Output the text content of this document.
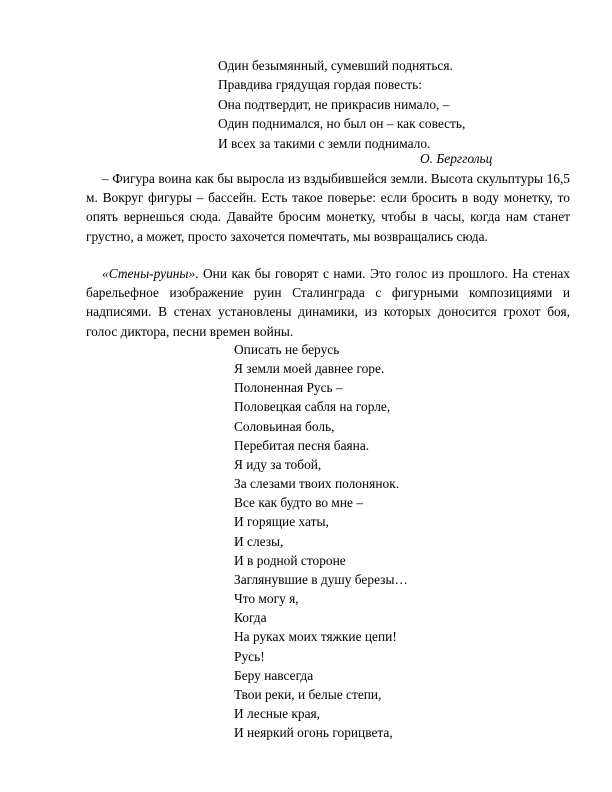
Один безымянный, сумевший подняться.
Правдива грядущая гордая повесть:
Она подтвердит, не прикрасив нимало, –
Один поднимался, но был он – как совесть,
И всех за такими с земли поднимало.
О. Берггольц

– Фигура воина как бы выросла из вздыбившейся земли. Высота скульптуры 16,5 м. Вокруг фигуры – бассейн. Есть такое поверье: если бросить в воду монетку, то опять вернешься сюда. Давайте бросим монетку, чтобы в часы, когда нам станет грустно, а может, просто захочется помечтать, мы возвращались сюда.

«Стены-руины». Они как бы говорят с нами. Это голос из прошлого. На стенах барельефное изображение руин Сталинграда с фигурными композициями и надписями. В стенах установлены динамики, из которых доносится грохот боя, голос диктора, песни времен войны.

Описать не берусь
Я земли моей давнее горе.
Полоненная Русь –
Половецкая сабля на горле,
Соловьиная боль,
Перебитая песня баяна.
Я иду за тобой,
За слезами твоих полонянок.
Все как будто во мне –
И горящие хаты,
И слезы,
И в родной стороне
Заглянувшие в душу березы…
Что могу я,
Когда
На руках моих тяжкие цепи!
Русь!
Беру навсегда
Твои реки, и белые степи,
И лесные края,
И неяркий огонь горицвета,
